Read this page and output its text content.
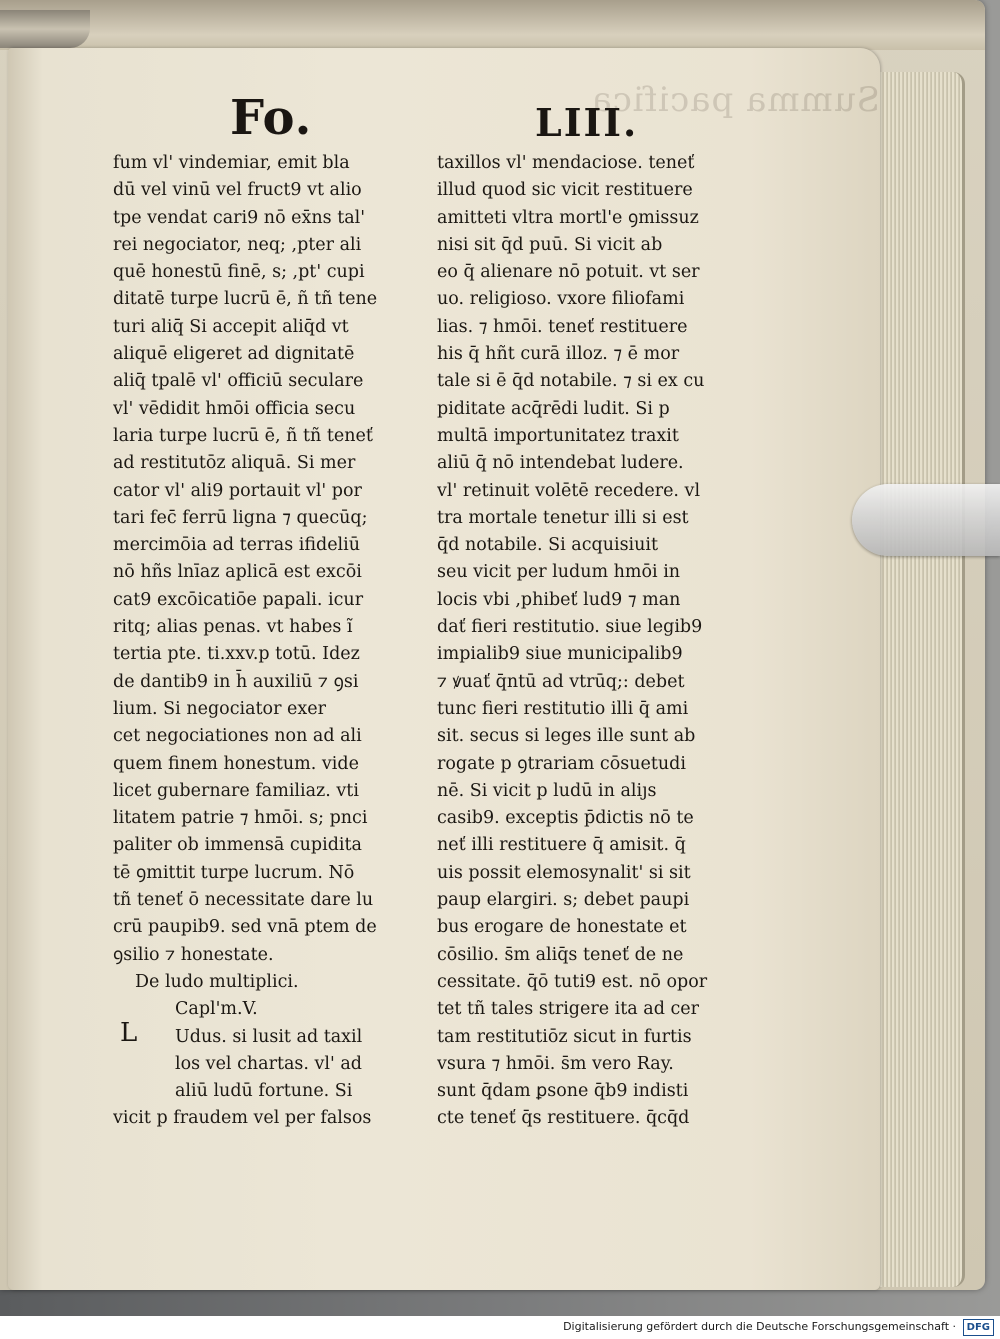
Summa pacifica
Fo.	LIII.
fum vl' vindemiar, emit bla
dū vel vinū vel fruct9 vt alio
tpe vendat cari9 nō ex̄ns tal'
rei negociator, neq; ,pter ali
quē honestū finē, s; ,pt' cupi
ditatē turpe lucrū ē, ñ tñ tene
turi aliq̄ Si accepit aliq̄d vt
aliquē eligeret ad dignitatē
aliq̄ tpalē vl' officiū seculare
vl' vēdidit hmōi officia secu
laria turpe lucrū ē, ñ tñ teneť
ad restitutōz aliquā. Si mer
cator vl' ali9 portauit vl' por
tari fec̄ ferrū ligna ⁊ quecūq;
mercimōia ad terras ifideliū
nō hñs lnīaz aplicā est excōi
cat9 excōicatiōe papali. icur
ritq; alias penas. vt habes ĩ
tertia pte. ti.xxv.p totū. Idez
de dantib9 in h̄ auxiliū ⁊ ꝯsi
lium. Si negociator exer
cet negociationes non ad ali
quem finem honestum. vide
licet gubernare familiaz. vti
litatem patrie ⁊ hmōi. s; pnci
paliter ob immensā cupidita
tē ꝯmittit turpe lucrum. Nō
tñ teneť ō necessitate dare lu
crū paupib9. sed vnā ptem de
ꝯsilio ⁊ honestate.
De ludo multiplici.
Capl'm.V.
Udus. si lusit ad taxil
los vel chartas. vl' ad
aliū ludū fortune. Si
vicit p fraudem vel per falsos
taxillos vl' mendaciose. teneť
illud quod sic vicit restituere
amitteti vltra mortl'e ꝯmissuz
nisi sit q̄d puū. Si vicit ab
eo q̄ alienare nō potuit. vt ser
uo. religioso. vxore filiofami
lias. ⁊ hmōi. teneť restituere
his q̄ hñt curā illoz. ⁊ ē mor
tale si ē q̄d notabile. ⁊ si ex cu
piditate acq̄rēdi ludit. Si p
multā importunitatez traxit
aliū q̄ nō intendebat ludere.
vl' retinuit volētē recedere. vl
tra mortale tenetur illi si est
q̄d notabile. Si acquisiuit
seu vicit per ludum hmōi in
locis vbi ,phibeť lud9 ⁊ man
dať fieri restitutio. siue legib9
impialib9 siue municipalib9
⁊ ꝟuať q̄ntū ad vtrūq;: debet
tunc fieri restitutio illi q̄ ami
sit. secus si leges ille sunt ab
rogate p ꝯtrariam cōsuetudi
nē. Si vicit p ludū in aliȷs
casib9. exceptis p̄dictis nō te
neť illi restituere q̄ amisit. q̄
uis possit elemosynalit' si sit
paup elargiri. s; debet paupi
bus erogare de honestate et
cōsilio. s̄m aliq̄s teneť de ne
cessitate. q̄ō tuti9 est. nō opor
tet tñ tales strigere ita ad cer
tam restitutiōz sicut in furtis
vsura ⁊ hmōi. s̄m vero Ray.
sunt q̄dam ꝑsone q̄b9 indisti
cte teneť q̄s restituere. q̄cq̄d
L
Digitalisierung gefördert durch die Deutsche Forschungsgemeinschaft ·	DFG
